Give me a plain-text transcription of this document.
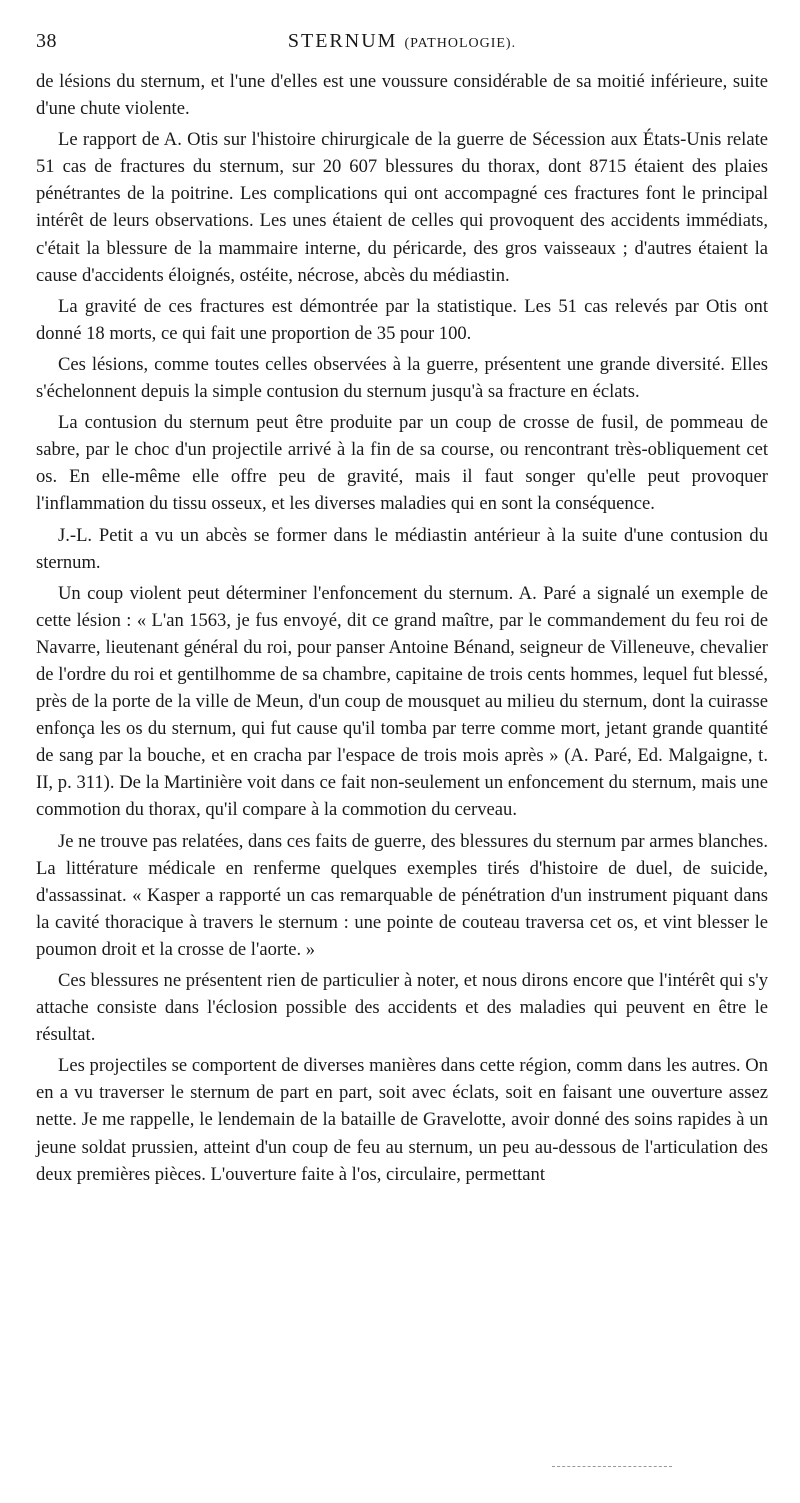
38	STERNUM (PATHOLOGIE).

de lésions du sternum, et l'une d'elles est une voussure considérable de sa moitié inférieure, suite d'une chute violente.

Le rapport de A. Otis sur l'histoire chirurgicale de la guerre de Sécession aux États-Unis relate 51 cas de fractures du sternum, sur 20 607 blessures du thorax, dont 8715 étaient des plaies pénétrantes de la poitrine. Les complications qui ont accompagné ces fractures font le principal intérêt de leurs observations. Les unes étaient de celles qui provoquent des accidents immédiats, c'était la blessure de la mammaire interne, du péricarde, des gros vaisseaux ; d'autres étaient la cause d'accidents éloignés, ostéite, nécrose, abcès du médiastin.

La gravité de ces fractures est démontrée par la statistique. Les 51 cas relevés par Otis ont donné 18 morts, ce qui fait une proportion de 35 pour 100.

Ces lésions, comme toutes celles observées à la guerre, présentent une grande diversité. Elles s'échelonnent depuis la simple contusion du sternum jusqu'à sa fracture en éclats.

La contusion du sternum peut être produite par un coup de crosse de fusil, de pommeau de sabre, par le choc d'un projectile arrivé à la fin de sa course, ou rencontrant très-obliquement cet os. En elle-même elle offre peu de gravité, mais il faut songer qu'elle peut provoquer l'inflammation du tissu osseux, et les diverses maladies qui en sont la conséquence.

J.-L. Petit a vu un abcès se former dans le médiastin antérieur à la suite d'une contusion du sternum.

Un coup violent peut déterminer l'enfoncement du sternum. A. Paré a signalé un exemple de cette lésion : « L'an 1563, je fus envoyé, dit ce grand maître, par le commandement du feu roi de Navarre, lieutenant général du roi, pour panser Antoine Bénand, seigneur de Villeneuve, chevalier de l'ordre du roi et gentilhomme de sa chambre, capitaine de trois cents hommes, lequel fut blessé, près de la porte de la ville de Meun, d'un coup de mousquet au milieu du sternum, dont la cuirasse enfonça les os du sternum, qui fut cause qu'il tomba par terre comme mort, jetant grande quantité de sang par la bouche, et en cracha par l'espace de trois mois après » (A. Paré, Ed. Malgaigne, t. II, p. 311). De la Martinière voit dans ce fait non-seulement un enfoncement du sternum, mais une commotion du thorax, qu'il compare à la commotion du cerveau.

Je ne trouve pas relatées, dans ces faits de guerre, des blessures du sternum par armes blanches. La littérature médicale en renferme quelques exemples tirés d'histoire de duel, de suicide, d'assassinat. « Kasper a rapporté un cas remarquable de pénétration d'un instrument piquant dans la cavité thoracique à travers le sternum : une pointe de couteau traversa cet os, et vint blesser le poumon droit et la crosse de l'aorte. »

Ces blessures ne présentent rien de particulier à noter, et nous dirons encore que l'intérêt qui s'y attache consiste dans l'éclosion possible des accidents et des maladies qui peuvent en être le résultat.

Les projectiles se comportent de diverses manières dans cette région, comm dans les autres. On en a vu traverser le sternum de part en part, soit avec éclats, soit en faisant une ouverture assez nette. Je me rappelle, le lendemain de la bataille de Gravelotte, avoir donné des soins rapides à un jeune soldat prussien, atteint d'un coup de feu au sternum, un peu au-dessous de l'articulation des deux premières pièces. L'ouverture faite à l'os, circulaire, permettant
